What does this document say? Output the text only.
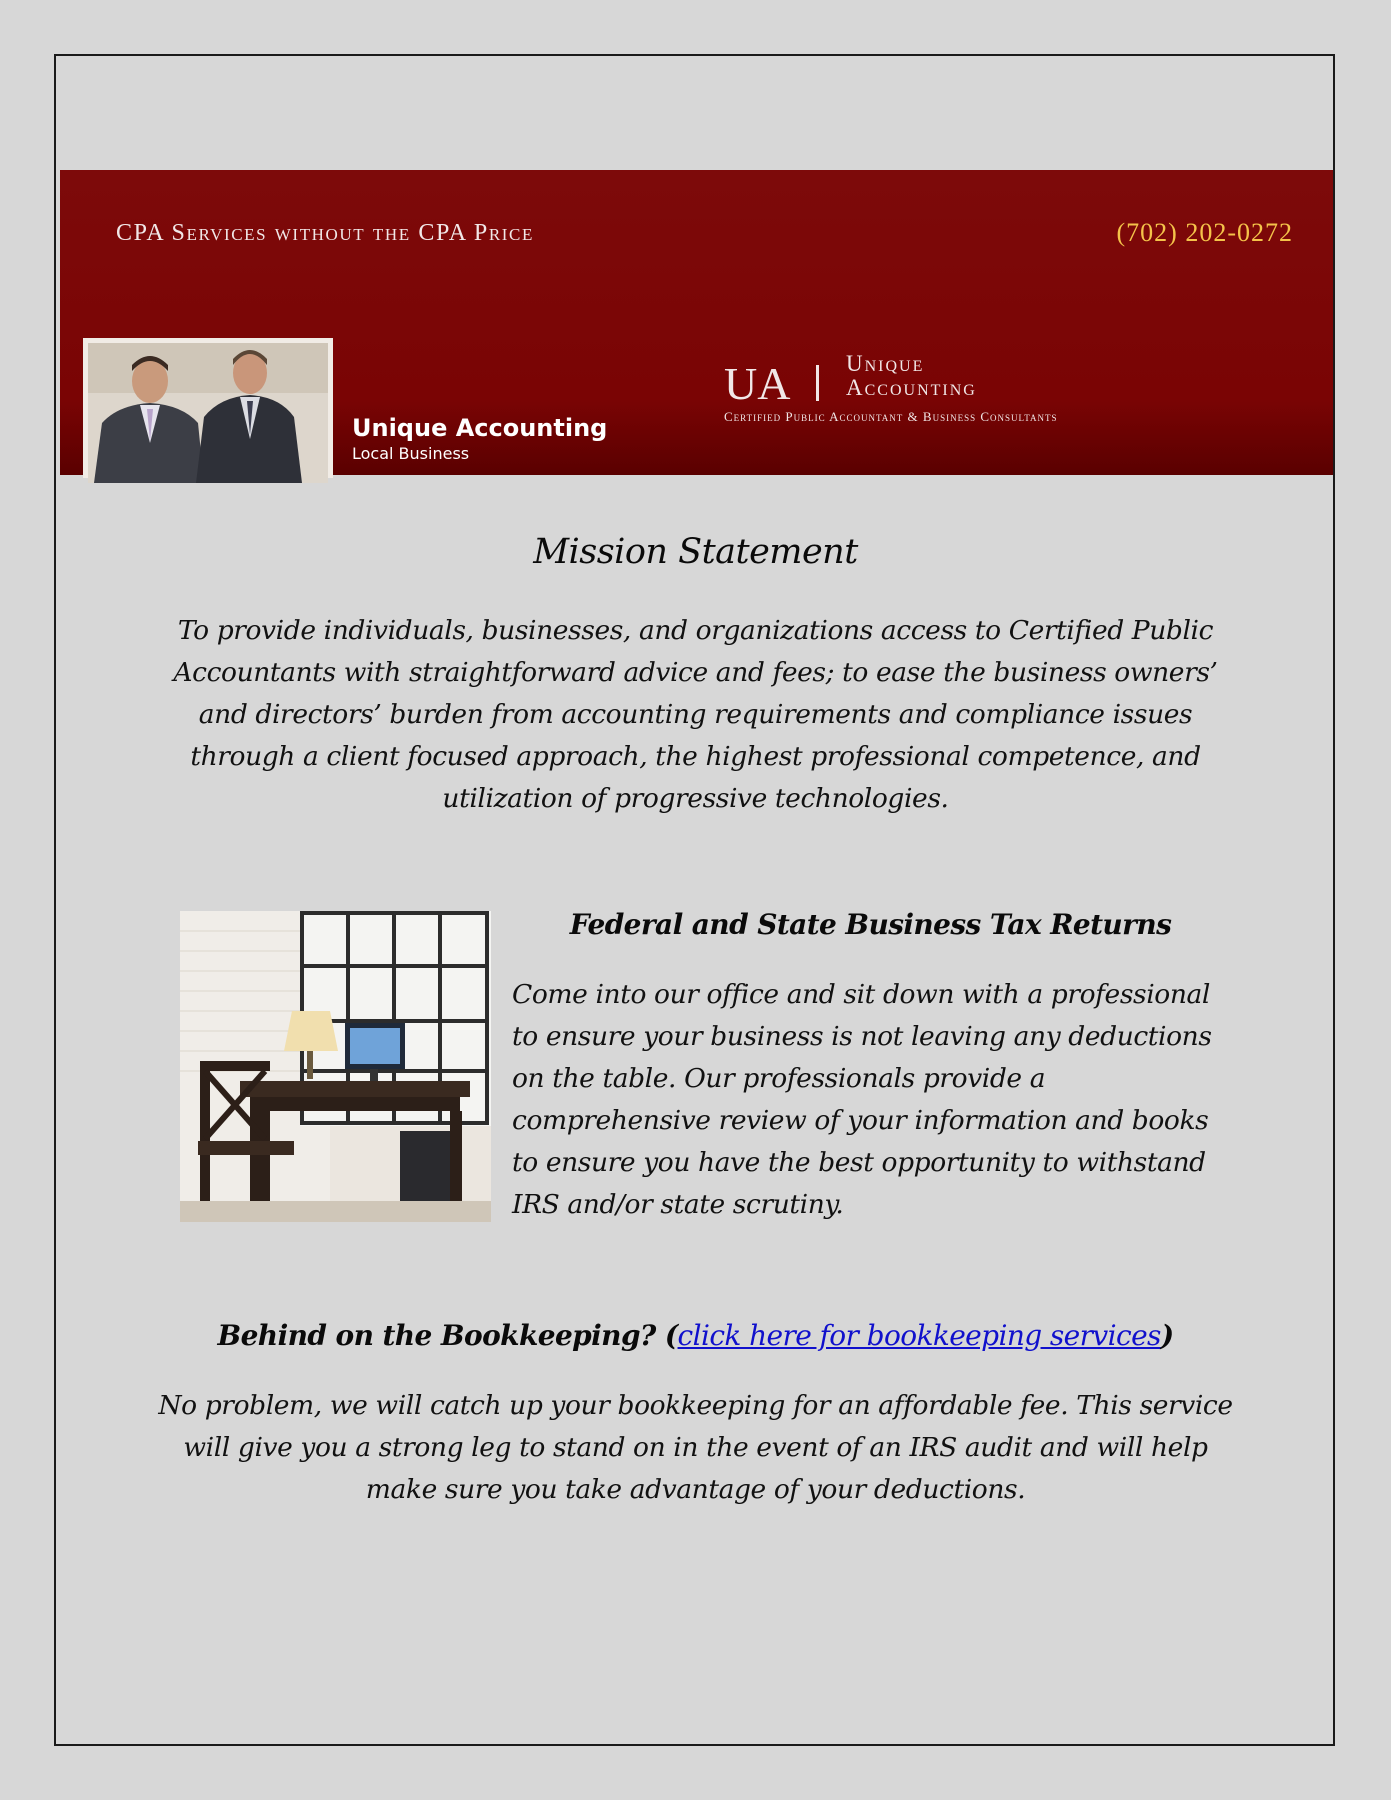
CPA Services without the CPA Price	(702) 202-0272
Unique Accounting
Local Business
UA Unique
Accounting
Certified Public Accountant & Business Consultants
Mission Statement
To provide individuals, businesses, and organizations access to Certified Public Accountants with straightforward advice and fees; to ease the business owners’ and directors’ burden from accounting requirements and compliance issues through a client focused approach, the highest professional competence, and utilization of progressive technologies.
Federal and State Business Tax Returns
Come into our office and sit down with a professional to ensure your business is not leaving any deductions on the table. Our professionals provide a comprehensive review of your information and books to ensure you have the best opportunity to withstand IRS and/or state scrutiny.
Behind on the Bookkeeping? (click here for bookkeeping services)
No problem, we will catch up your bookkeeping for an affordable fee. This service will give you a strong leg to stand on in the event of an IRS audit and will help make sure you take advantage of your deductions.
